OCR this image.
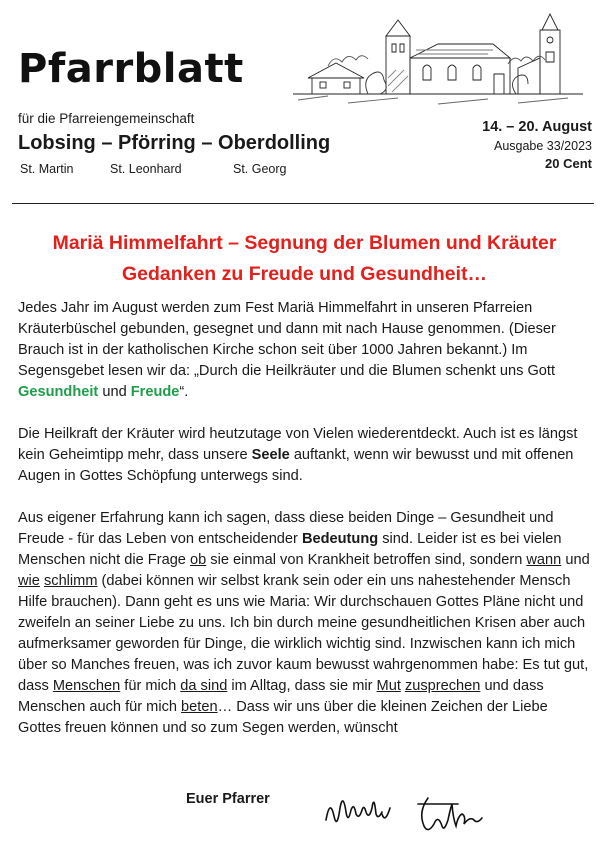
Pfarrblatt
für die Pfarreiengemeinschaft
Lobsing – Pförring – Oberdolling
St. Martin	St. Leonhard	St. Georg
14. – 20. August
Ausgabe 33/2023
20 Cent
Mariä Himmelfahrt – Segnung der Blumen und Kräuter
Gedanken zu Freude und Gesundheit…

Jedes Jahr im August werden zum Fest Mariä Himmelfahrt in unseren Pfarreien Kräuterbüschel gebunden, gesegnet und dann mit nach Hause genommen. (Dieser Brauch ist in der katholischen Kirche schon seit über 1000 Jahren bekannt.) Im Segensgebet lesen wir da: „Durch die Heilkräuter und die Blumen schenkt uns Gott Gesundheit und Freude“.

Die Heilkraft der Kräuter wird heutzutage von Vielen wiederentdeckt. Auch ist es längst kein Geheimtipp mehr, dass unsere Seele auftankt, wenn wir bewusst und mit offenen Augen in Gottes Schöpfung unterwegs sind.

Aus eigener Erfahrung kann ich sagen, dass diese beiden Dinge – Gesundheit und Freude - für das Leben von entscheidender Bedeutung sind. Leider ist es bei vielen Menschen nicht die Frage ob sie einmal von Krankheit betroffen sind, sondern wann und wie schlimm (dabei können wir selbst krank sein oder ein uns nahestehender Mensch Hilfe brauchen). Dann geht es uns wie Maria: Wir durchschauen Gottes Pläne nicht und zweifeln an seiner Liebe zu uns. Ich bin durch meine gesundheitlichen Krisen aber auch aufmerksamer geworden für Dinge, die wirklich wichtig sind. Inzwischen kann ich mich über so Manches freuen, was ich zuvor kaum bewusst wahrgenommen habe: Es tut gut, dass Menschen für mich da sind im Alltag, dass sie mir Mut zusprechen und dass Menschen auch für mich beten… Dass wir uns über die kleinen Zeichen der Liebe Gottes freuen können und so zum Segen werden, wünscht

Euer Pfarrer
